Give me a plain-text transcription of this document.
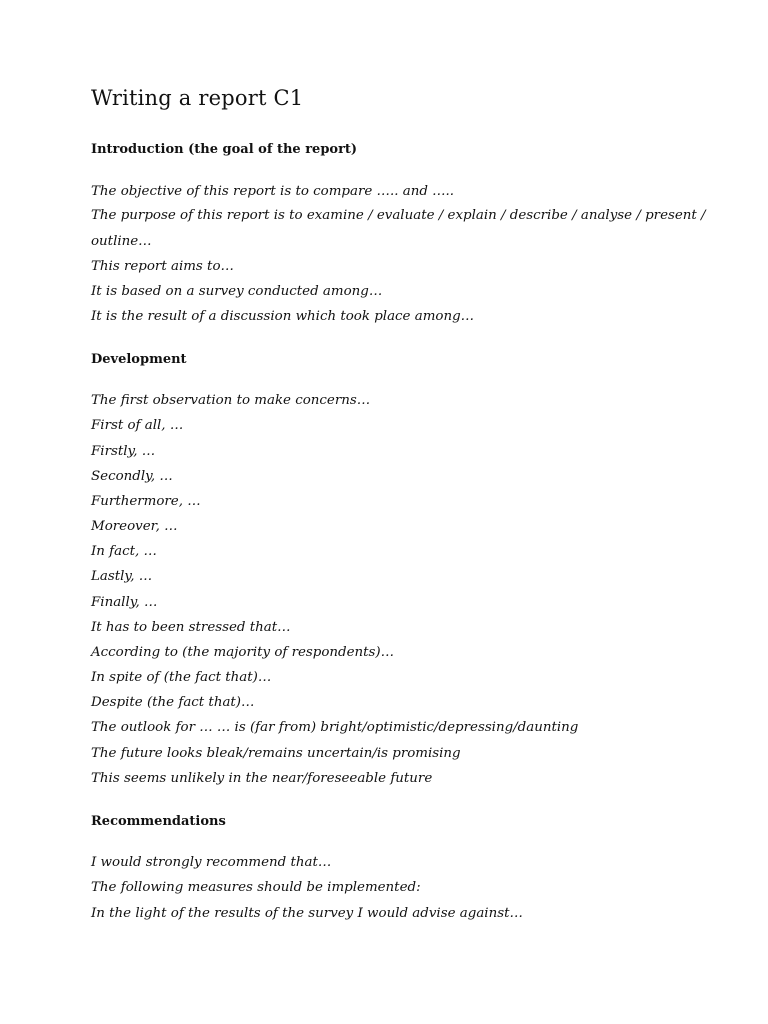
Writing a report C1
Introduction (the goal of the report)
The objective of this report is to compare ….. and …..
The purpose of this report is to examine / evaluate / explain / describe / analyse / present /
outline…
This report aims to…
It is based on a survey conducted among…
It is the result of a discussion which took place among…
Development
The first observation to make concerns…
First of all, …
Firstly, …
Secondly, …
Furthermore, …
Moreover, …
In fact, …
Lastly, …
Finally, …
It has to been stressed that…
According to (the majority of respondents)…
In spite of (the fact that)…
Despite (the fact that)…
The outlook for … … is (far from) bright/optimistic/depressing/daunting
The future looks bleak/remains uncertain/is promising
This seems unlikely in the near/foreseeable future
Recommendations
I would strongly recommend that…
The following measures should be implemented:
In the light of the results of the survey I would advise against…
